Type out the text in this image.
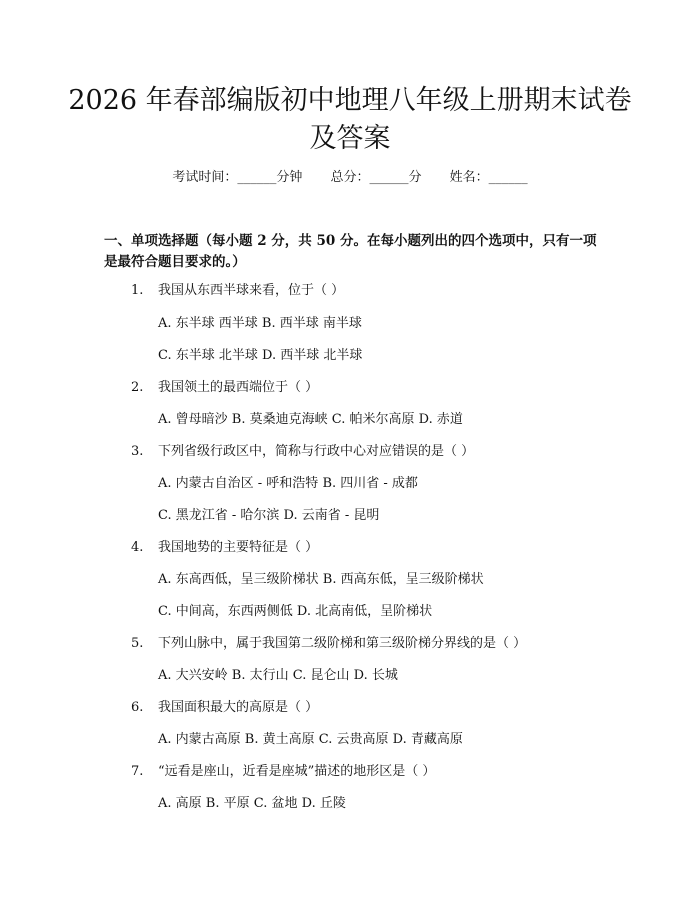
2026 年春部编版初中地理八年级上册期末试卷及答案
考试时间：______分钟 总分：______分 姓名：______

一、单项选择题（每小题 2 分，共 50 分。在每小题列出的四个选项中，只有一项是最符合题目要求的。）

1. 我国从东西半球来看，位于（ ）

A. 东半球 西半球 B. 西半球 南半球

C. 东半球 北半球 D. 西半球 北半球

2. 我国领土的最西端位于（ ）

A. 曾母暗沙 B. 莫桑迪克海峡 C. 帕米尔高原 D. 赤道

3. 下列省级行政区中，简称与行政中心对应错误的是（ ）

A. 内蒙古自治区 - 呼和浩特 B. 四川省 - 成都

C. 黑龙江省 - 哈尔滨 D. 云南省 - 昆明

4. 我国地势的主要特征是（ ）

A. 东高西低，呈三级阶梯状 B. 西高东低，呈三级阶梯状

C. 中间高，东西两侧低 D. 北高南低，呈阶梯状

5. 下列山脉中，属于我国第二级阶梯和第三级阶梯分界线的是（ ）

A. 大兴安岭 B. 太行山 C. 昆仑山 D. 长城

6. 我国面积最大的高原是（ ）

A. 内蒙古高原 B. 黄土高原 C. 云贵高原 D. 青藏高原

7. “远看是座山，近看是座城”描述的地形区是（ ）

A. 高原 B. 平原 C. 盆地 D. 丘陵
